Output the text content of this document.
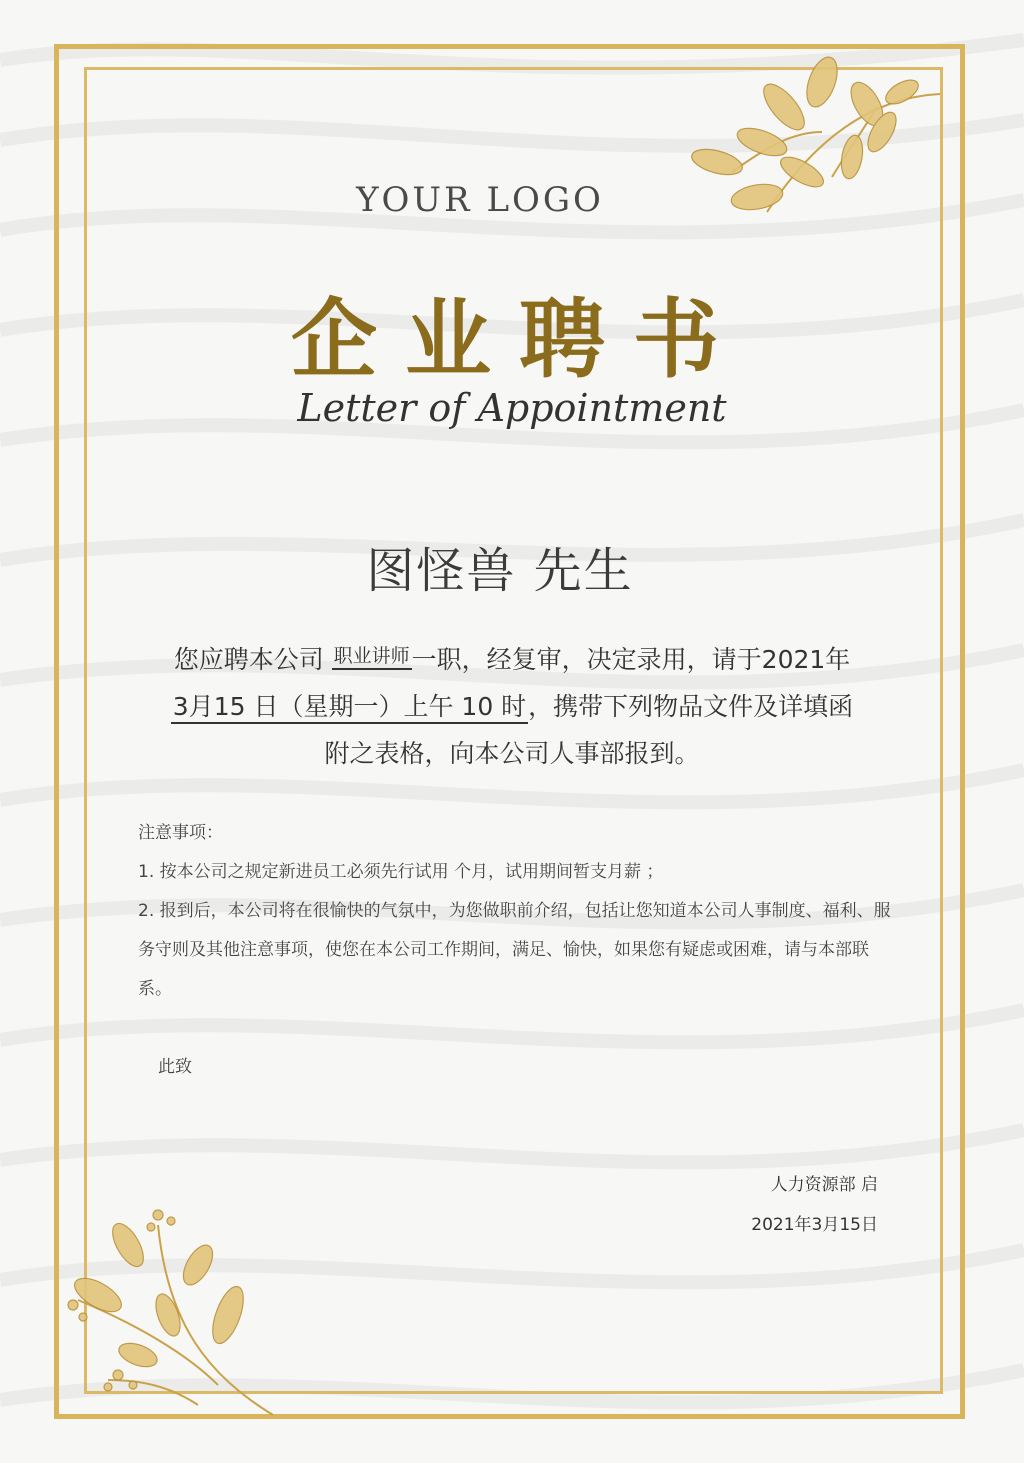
YOUR LOGO
企业聘书
Letter of Appointment
图怪兽 先生
您应聘本公司 职业讲师一职，经复审，决定录用，请于2021年
3月15 日（星期一）上午 10 时，携带下列物品文件及详填函
附之表格，向本公司人事部报到。

注意事项：

1. 按本公司之规定新进员工必须先行试用 个月，试用期间暂支月薪 ；

2. 报到后，本公司将在很愉快的气氛中，为您做职前介绍，包括让您知道本公司人事制度、福利、服务守则及其他注意事项，使您在本公司工作期间，满足、愉快，如果您有疑虑或困难，请与本部联系。

此致
人力资源部 启
2021年3月15日
